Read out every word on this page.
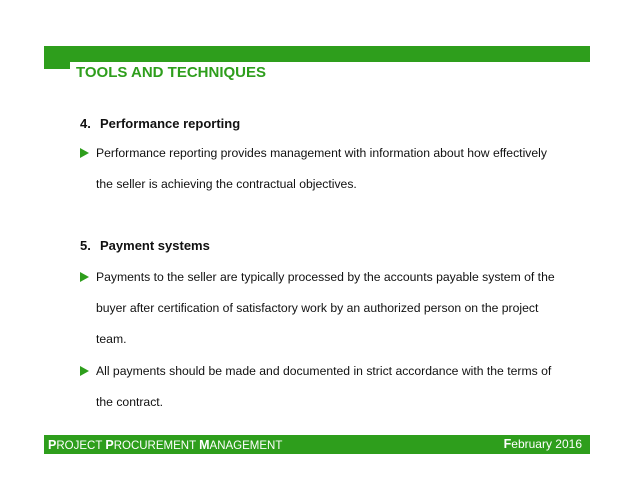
TOOLS AND TECHNIQUES
4. Performance reporting
Performance reporting provides management with information about how effectively
the seller is achieving the contractual objectives.
5. Payment systems
Payments to the seller are typically processed by the accounts payable system of the
buyer after certification of satisfactory work by an authorized person on the project
team.
All payments should be made and documented in strict accordance with the terms of
the contract.
PROJECT PROCUREMENT MANAGEMENT	February 2016
